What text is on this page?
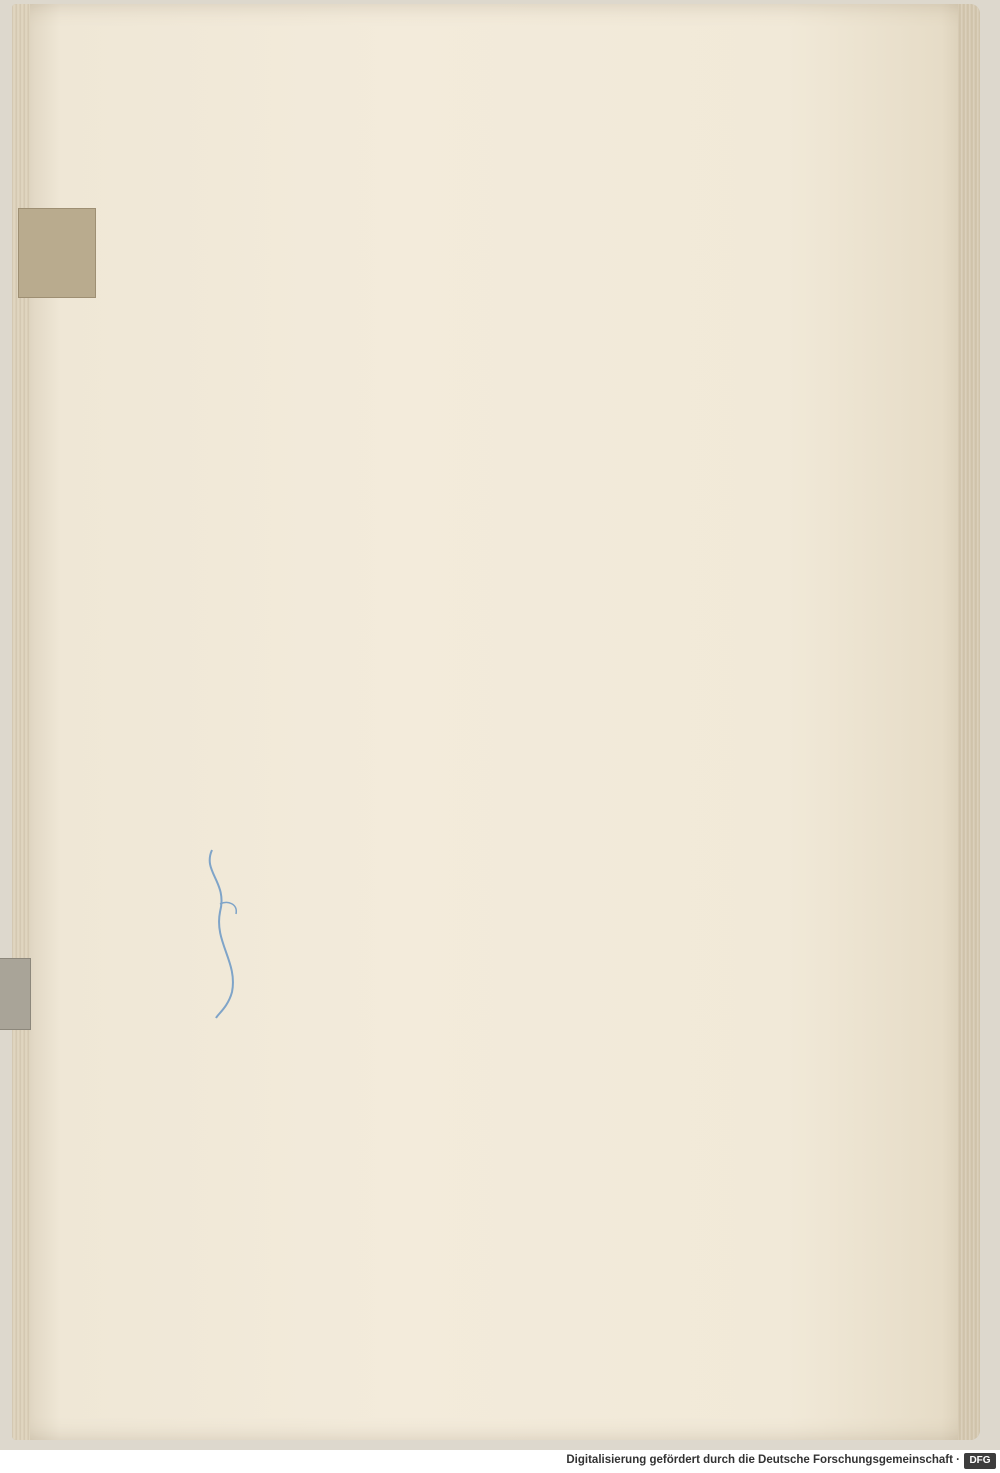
Digitalisierung gefördert durch die Deutsche Forschungsgemeinschaft · DFG
